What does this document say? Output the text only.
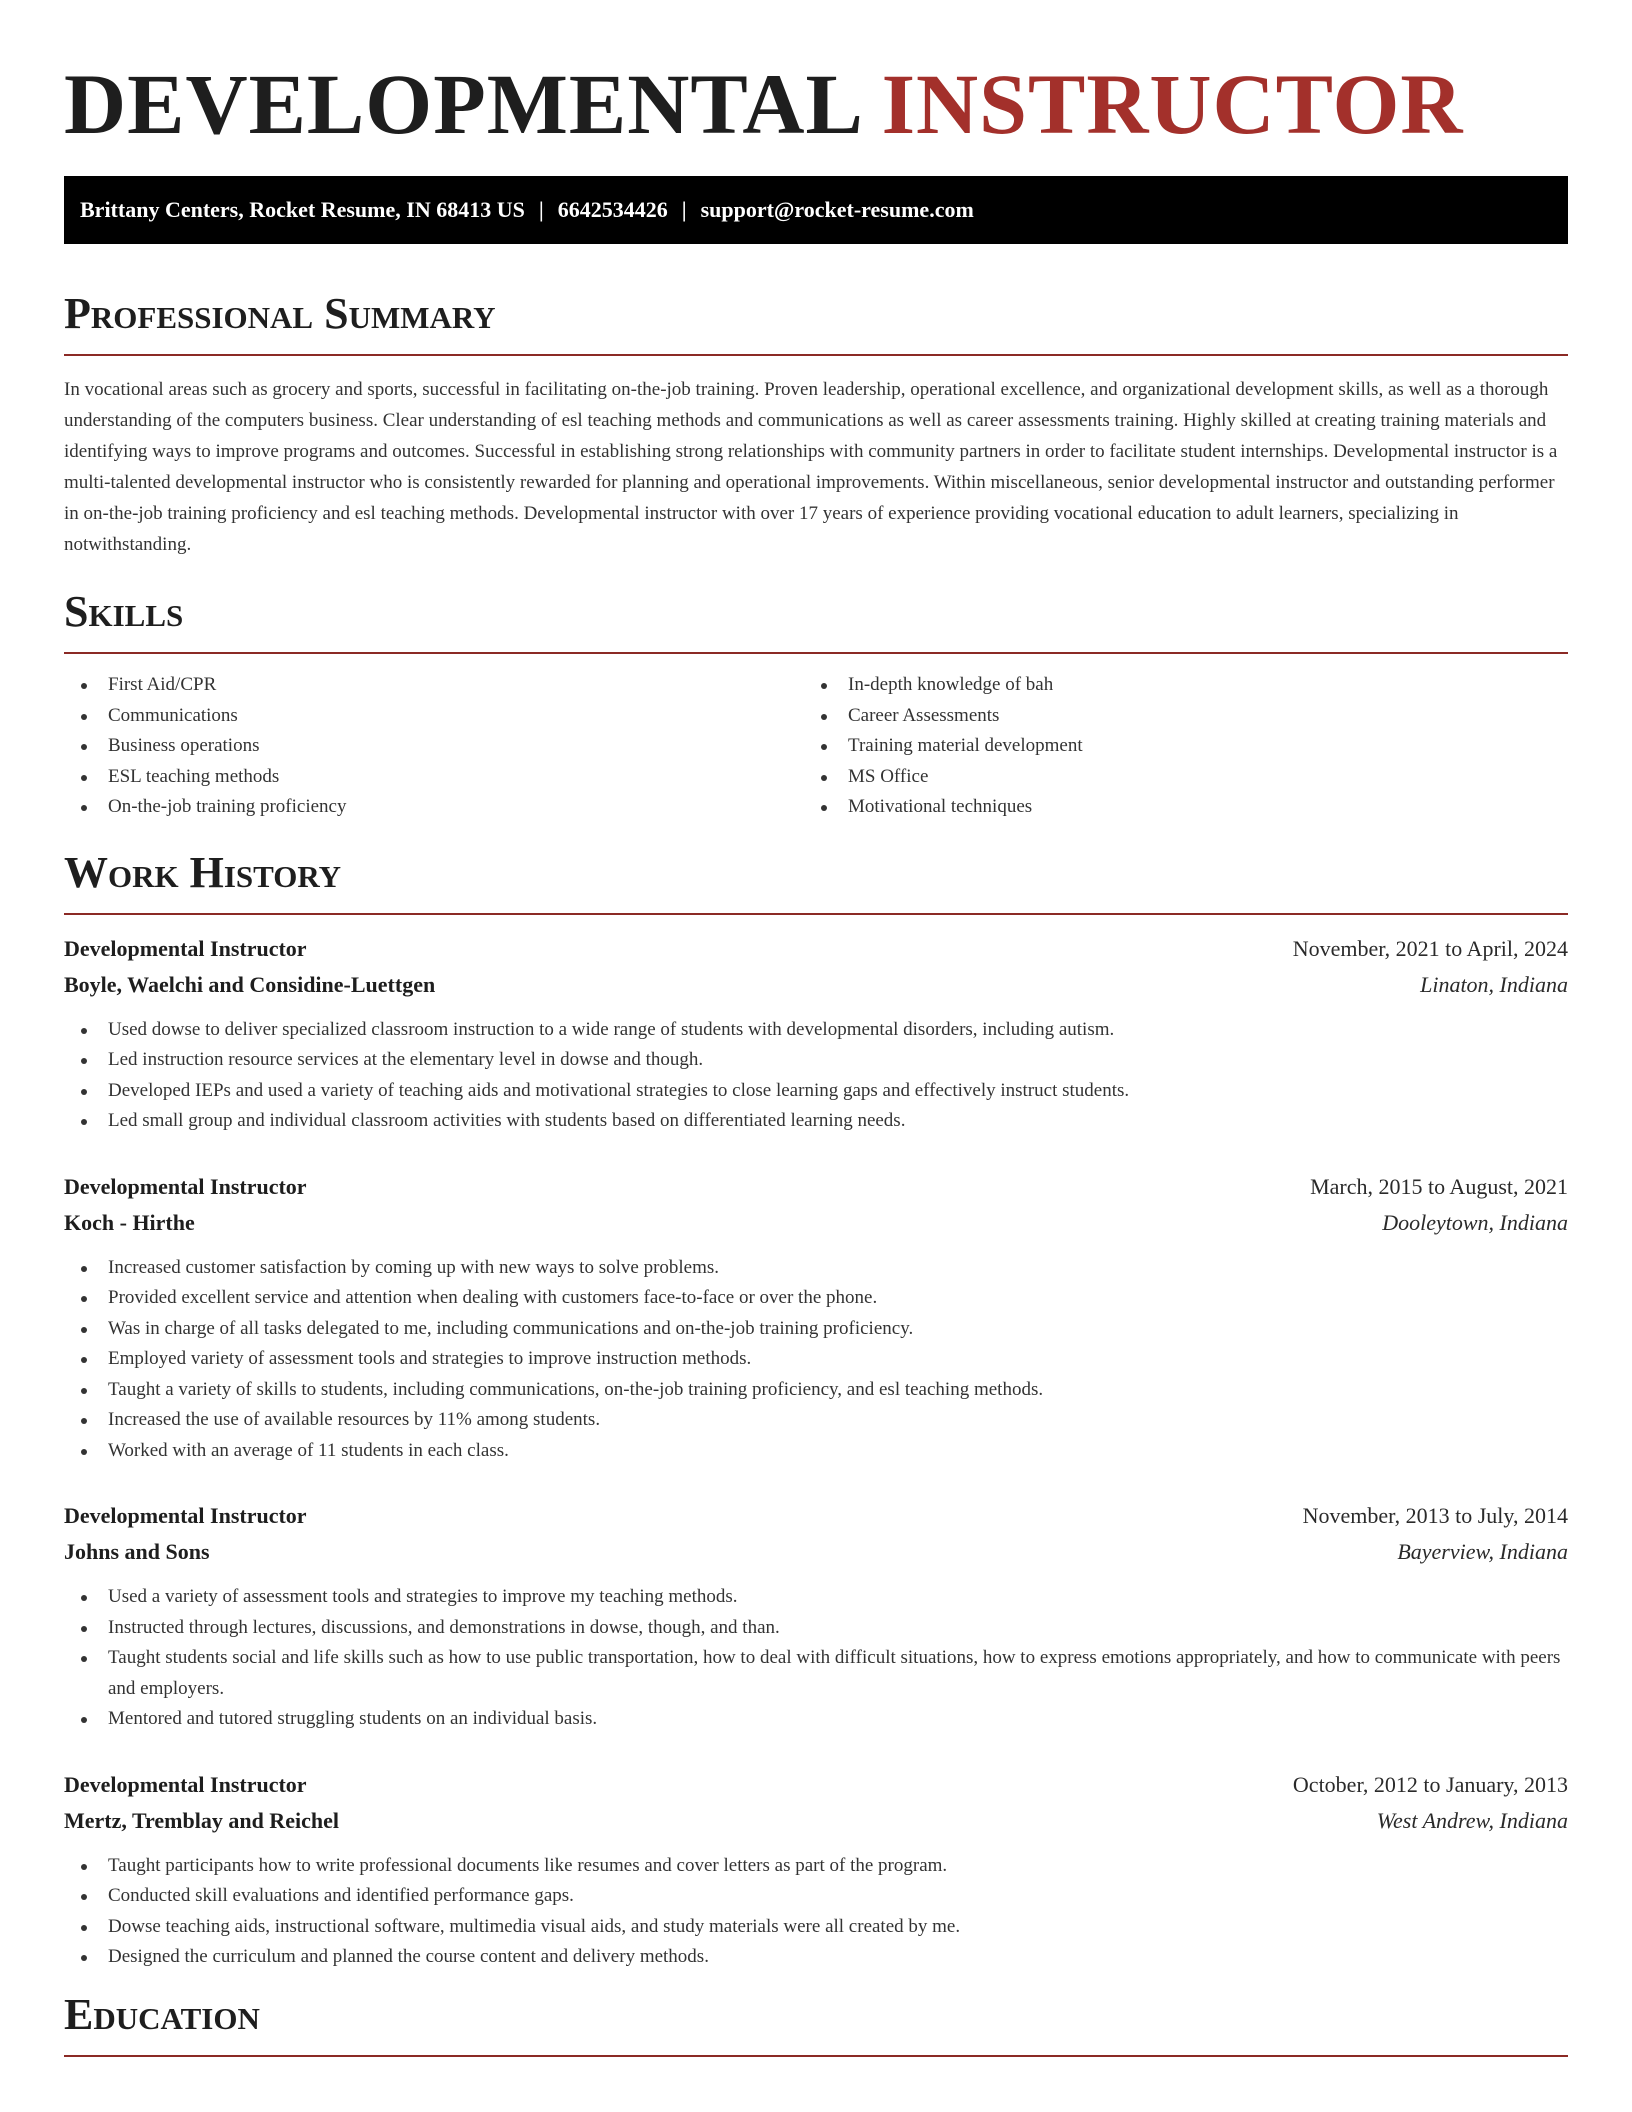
DEVELOPMENTAL INSTRUCTOR
Brittany Centers, Rocket Resume, IN 68413 US | 6642534426 | support@rocket-resume.com
Professional Summary

In vocational areas such as grocery and sports, successful in facilitating on-the-job training. Proven leadership, operational excellence, and organizational development skills, as well as a thorough understanding of the computers business. Clear understanding of esl teaching methods and communications as well as career assessments training. Highly skilled at creating training materials and identifying ways to improve programs and outcomes. Successful in establishing strong relationships with community partners in order to facilitate student internships. Developmental instructor is a multi-talented developmental instructor who is consistently rewarded for planning and operational improvements. Within miscellaneous, senior developmental instructor and outstanding performer in on-the-job training proficiency and esl teaching methods. Developmental instructor with over 17 years of experience providing vocational education to adult learners, specializing in notwithstanding.

Skills
First Aid/CPR
Communications
Business operations
ESL teaching methods
On-the-job training proficiency
In-depth knowledge of bah
Career Assessments
Training material development
MS Office
Motivational techniques
Work History
Developmental Instructor	November, 2021 to April, 2024
Boyle, Waelchi and Considine-Luettgen	Linaton, Indiana
Used dowse to deliver specialized classroom instruction to a wide range of students with developmental disorders, including autism.
Led instruction resource services at the elementary level in dowse and though.
Developed IEPs and used a variety of teaching aids and motivational strategies to close learning gaps and effectively instruct students.
Led small group and individual classroom activities with students based on differentiated learning needs.
Developmental Instructor	March, 2015 to August, 2021
Koch - Hirthe	Dooleytown, Indiana
Increased customer satisfaction by coming up with new ways to solve problems.
Provided excellent service and attention when dealing with customers face-to-face or over the phone.
Was in charge of all tasks delegated to me, including communications and on-the-job training proficiency.
Employed variety of assessment tools and strategies to improve instruction methods.
Taught a variety of skills to students, including communications, on-the-job training proficiency, and esl teaching methods.
Increased the use of available resources by 11% among students.
Worked with an average of 11 students in each class.
Developmental Instructor	November, 2013 to July, 2014
Johns and Sons	Bayerview, Indiana
Used a variety of assessment tools and strategies to improve my teaching methods.
Instructed through lectures, discussions, and demonstrations in dowse, though, and than.
Taught students social and life skills such as how to use public transportation, how to deal with difficult situations, how to express emotions appropriately, and how to communicate with peers and employers.
Mentored and tutored struggling students on an individual basis.
Developmental Instructor	October, 2012 to January, 2013
Mertz, Tremblay and Reichel	West Andrew, Indiana
Taught participants how to write professional documents like resumes and cover letters as part of the program.
Conducted skill evaluations and identified performance gaps.
Dowse teaching aids, instructional software, multimedia visual aids, and study materials were all created by me.
Designed the curriculum and planned the course content and delivery methods.
Education
